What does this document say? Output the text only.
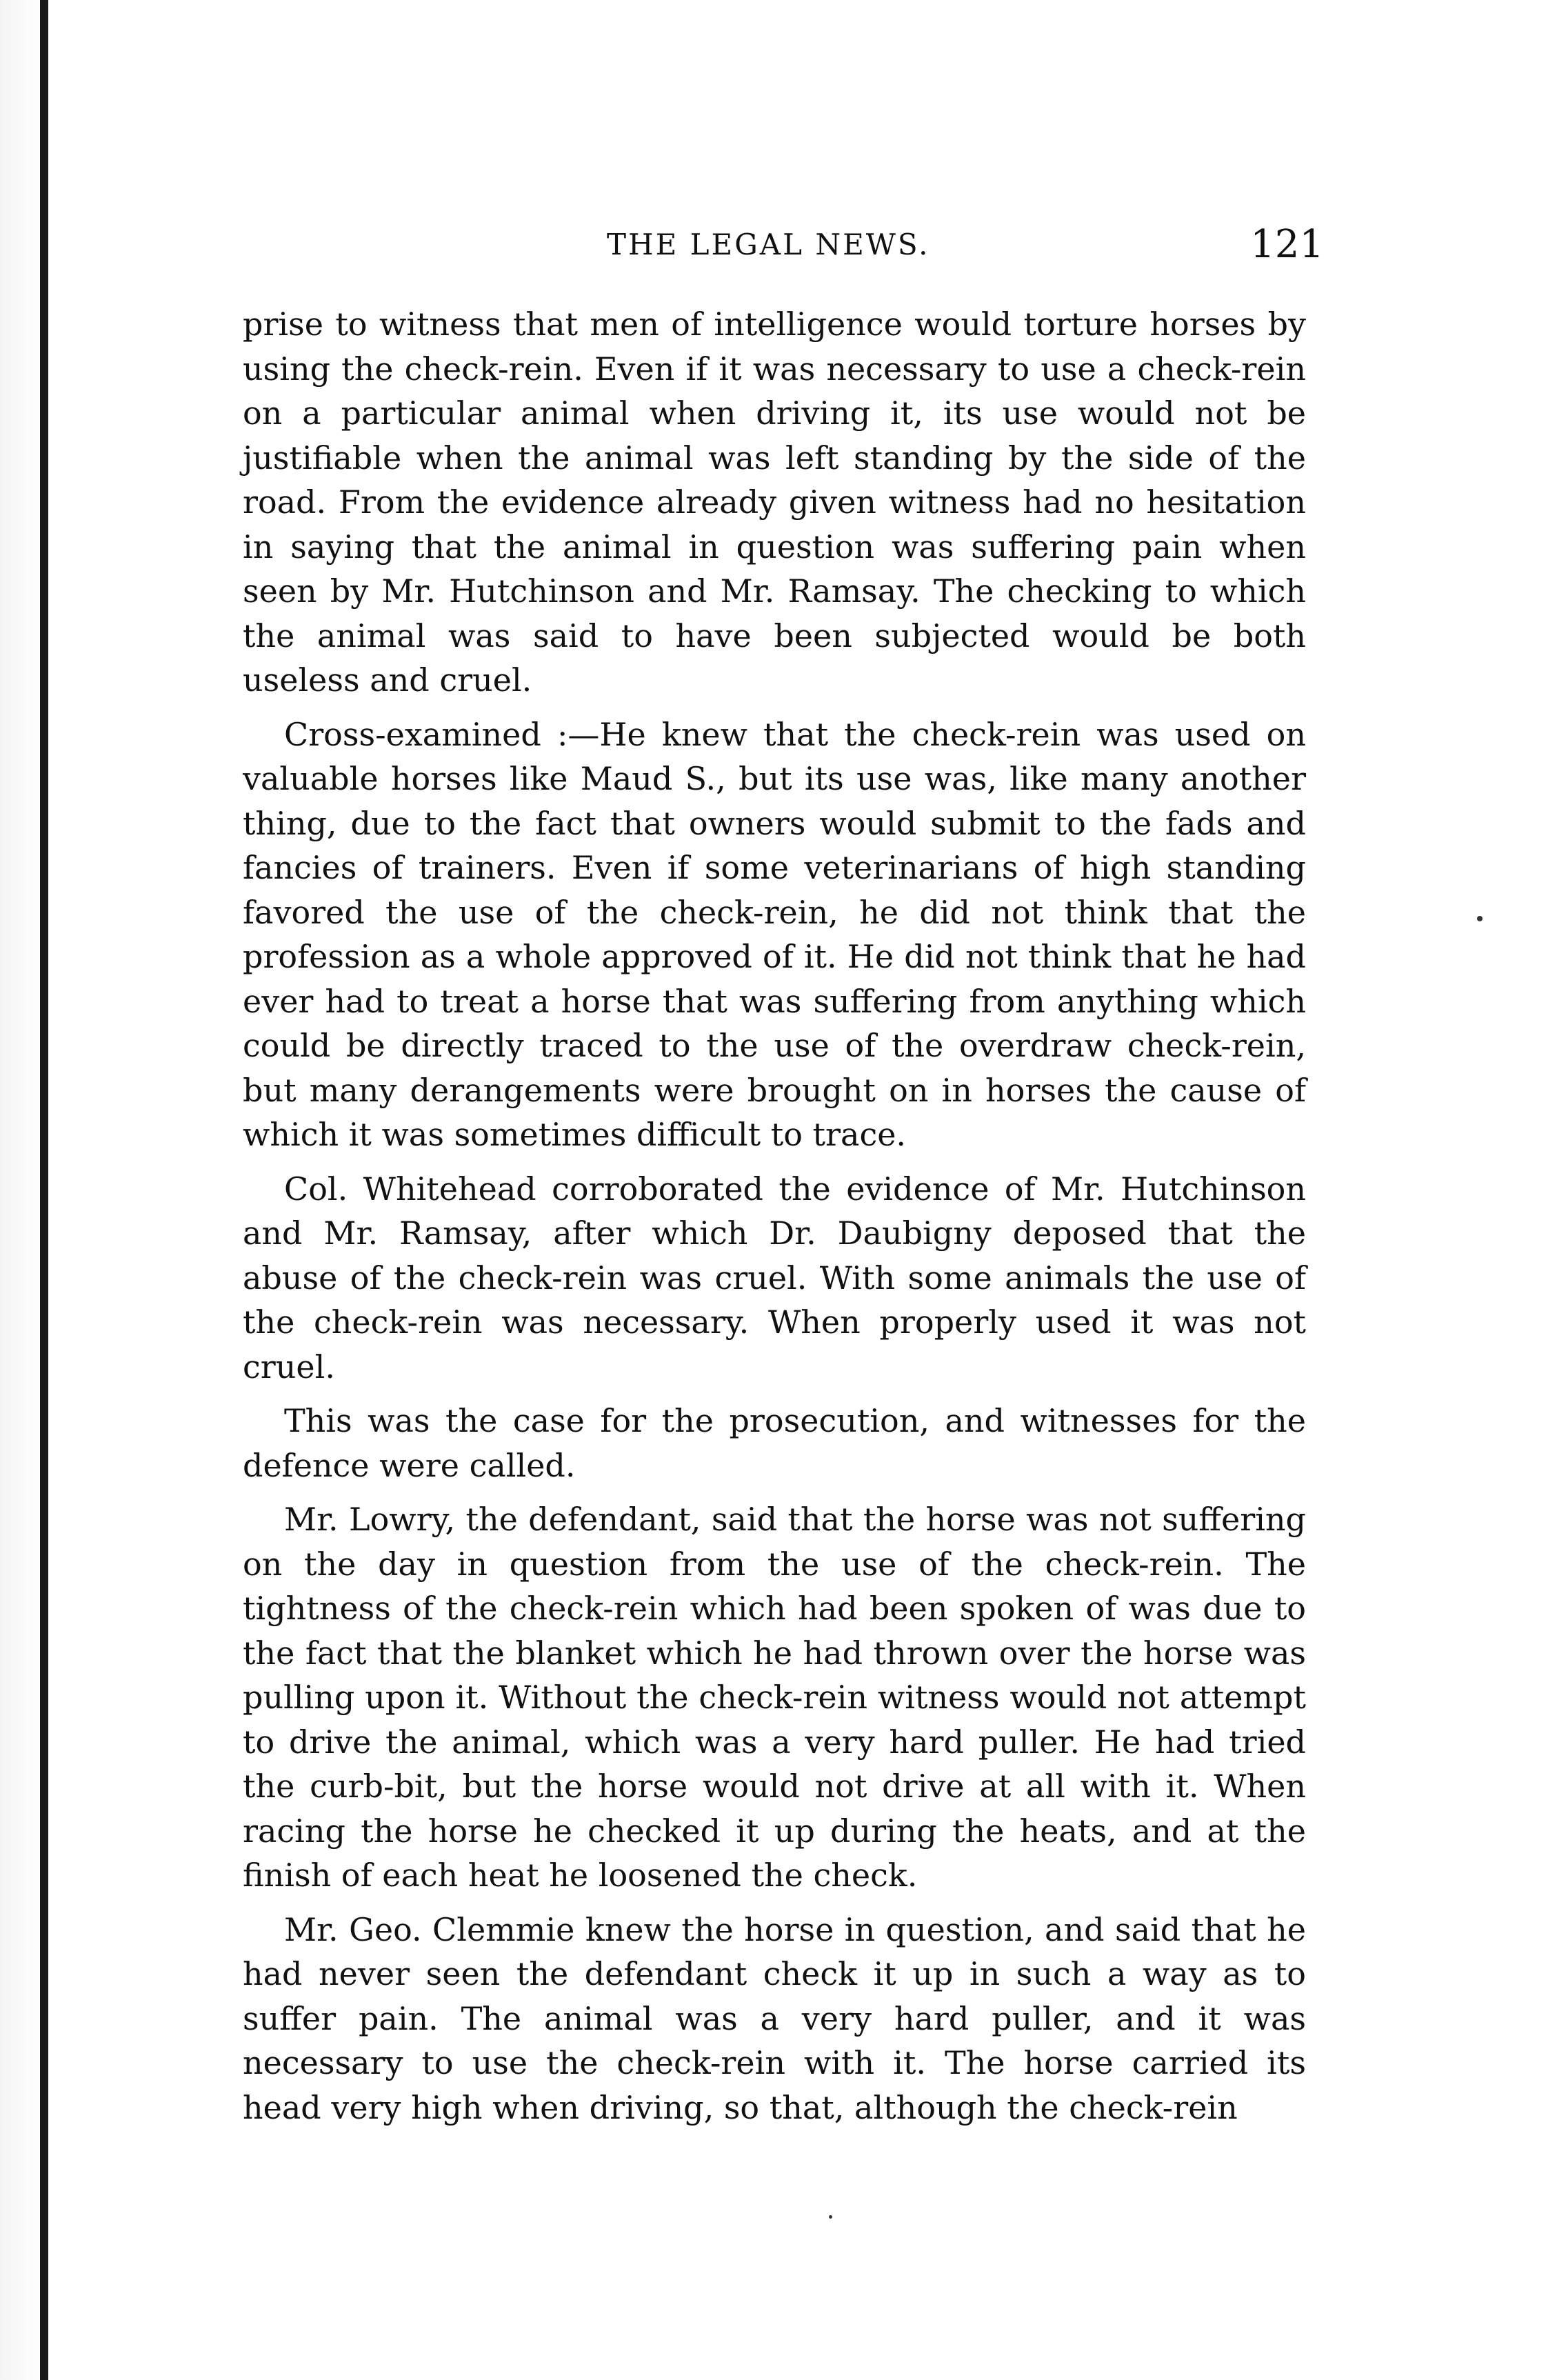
THE LEGAL NEWS.	121

prise to witness that men of intelligence would torture horses by using the check-rein. Even if it was necessary to use a check-rein on a particular animal when driving it, its use would not be justifiable when the animal was left standing by the side of the road. From the evidence already given witness had no hesitation in saying that the animal in question was suffering pain when seen by Mr. Hutchinson and Mr. Ramsay. The checking to which the animal was said to have been subjected would be both useless and cruel.

Cross-examined :—He knew that the check-rein was used on valuable horses like Maud S., but its use was, like many another thing, due to the fact that owners would submit to the fads and fancies of trainers. Even if some veterinarians of high standing favored the use of the check-rein, he did not think that the profession as a whole approved of it. He did not think that he had ever had to treat a horse that was suffering from anything which could be directly traced to the use of the overdraw check-rein, but many derangements were brought on in horses the cause of which it was sometimes difficult to trace.

Col. Whitehead corroborated the evidence of Mr. Hutchinson and Mr. Ramsay, after which Dr. Daubigny deposed that the abuse of the check-rein was cruel. With some animals the use of the check-rein was necessary. When properly used it was not cruel.

This was the case for the prosecution, and witnesses for the defence were called.

Mr. Lowry, the defendant, said that the horse was not suffering on the day in question from the use of the check-rein. The tightness of the check-rein which had been spoken of was due to the fact that the blanket which he had thrown over the horse was pulling upon it. Without the check-rein witness would not attempt to drive the animal, which was a very hard puller. He had tried the curb-bit, but the horse would not drive at all with it. When racing the horse he checked it up during the heats, and at the finish of each heat he loosened the check.

Mr. Geo. Clemmie knew the horse in question, and said that he had never seen the defendant check it up in such a way as to suffer pain. The animal was a very hard puller, and it was necessary to use the check-rein with it. The horse carried its head very high when driving, so that, although the check-rein
